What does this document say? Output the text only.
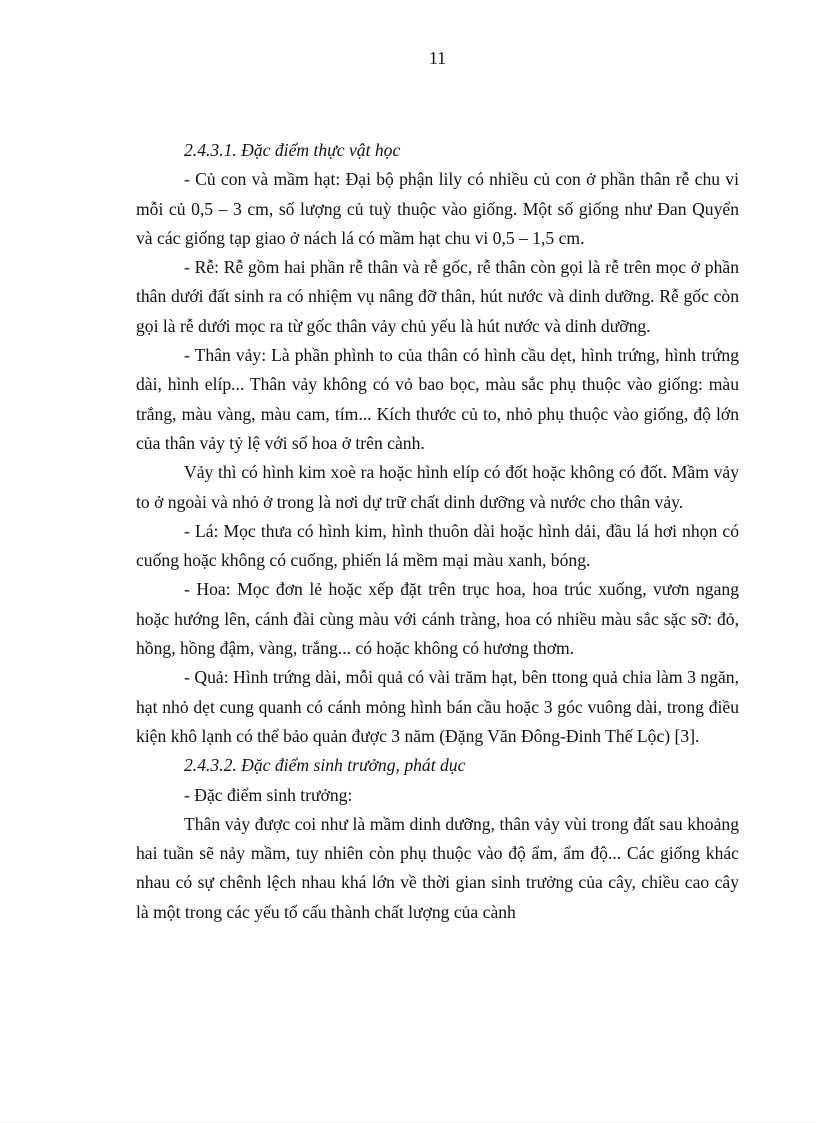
11

2.4.3.1. Đặc điểm thực vật học

- Củ con và mầm hạt: Đại bộ phận lily có nhiều củ con ở phần thân rễ chu vi mỗi củ 0,5 – 3 cm, số lượng củ tuỳ thuộc vào giống. Một số giống như Đan Quyển và các giống tạp giao ở nách lá có mầm hạt chu vi 0,5 – 1,5 cm.

- Rễ: Rễ gồm hai phần rễ thân và rễ gốc, rễ thân còn gọi là rễ trên mọc ở phần thân dưới đất sinh ra có nhiệm vụ nâng đỡ thân, hút nước và dinh dưỡng. Rễ gốc còn gọi là rễ dưới mọc ra từ gốc thân vảy chủ yếu là hút nước và dinh dưỡng.

- Thân vảy: Là phần phình to của thân có hình cầu dẹt, hình trứng, hình trứng dài, hình elíp... Thân vảy không có vỏ bao bọc, màu sắc phụ thuộc vào giống: màu trắng, màu vàng, màu cam, tím... Kích thước củ to, nhỏ phụ thuộc vào giống, độ lớn của thân vảy tỷ lệ với số hoa ở trên cành.

Vảy thì có hình kim xoè ra hoặc hình elíp có đốt hoặc không có đốt. Mầm vảy to ở ngoài và nhỏ ở trong là nơi dự trữ chất dinh dưỡng và nước cho thân vảy.

- Lá: Mọc thưa có hình kim, hình thuôn dài hoặc hình dải, đầu lá hơi nhọn có cuống hoặc không có cuống, phiến lá mềm mại màu xanh, bóng.

- Hoa: Mọc đơn lẻ hoặc xếp đặt trên trục hoa, hoa trúc xuống, vươn ngang hoặc hướng lên, cánh đài cùng màu với cánh tràng, hoa có nhiều màu sắc sặc sỡ: đỏ, hồng, hồng đậm, vàng, trắng... có hoặc không có hương thơm.

- Quả: Hình trứng dài, mỗi quả có vài trăm hạt, bên ttong quả chia làm 3 ngăn, hạt nhỏ dẹt cung quanh có cánh mỏng hình bán cầu hoặc 3 góc vuông dài, trong điều kiện khô lạnh có thể bảo quản được 3 năm (Đặng Văn Đông-Đinh Thế Lộc) [3].

2.4.3.2. Đặc điểm sinh trưởng, phát dục

- Đặc điểm sinh trưởng:

Thân vảy được coi như là mầm dinh dưỡng, thân vảy vùi trong đất sau khoảng hai tuần sẽ nảy mầm, tuy nhiên còn phụ thuộc vào độ ẩm, ẩm độ... Các giống khác nhau có sự chênh lệch nhau khá lớn về thời gian sinh trưởng của cây, chiều cao cây là một trong các yếu tố cấu thành chất lượng của cành
